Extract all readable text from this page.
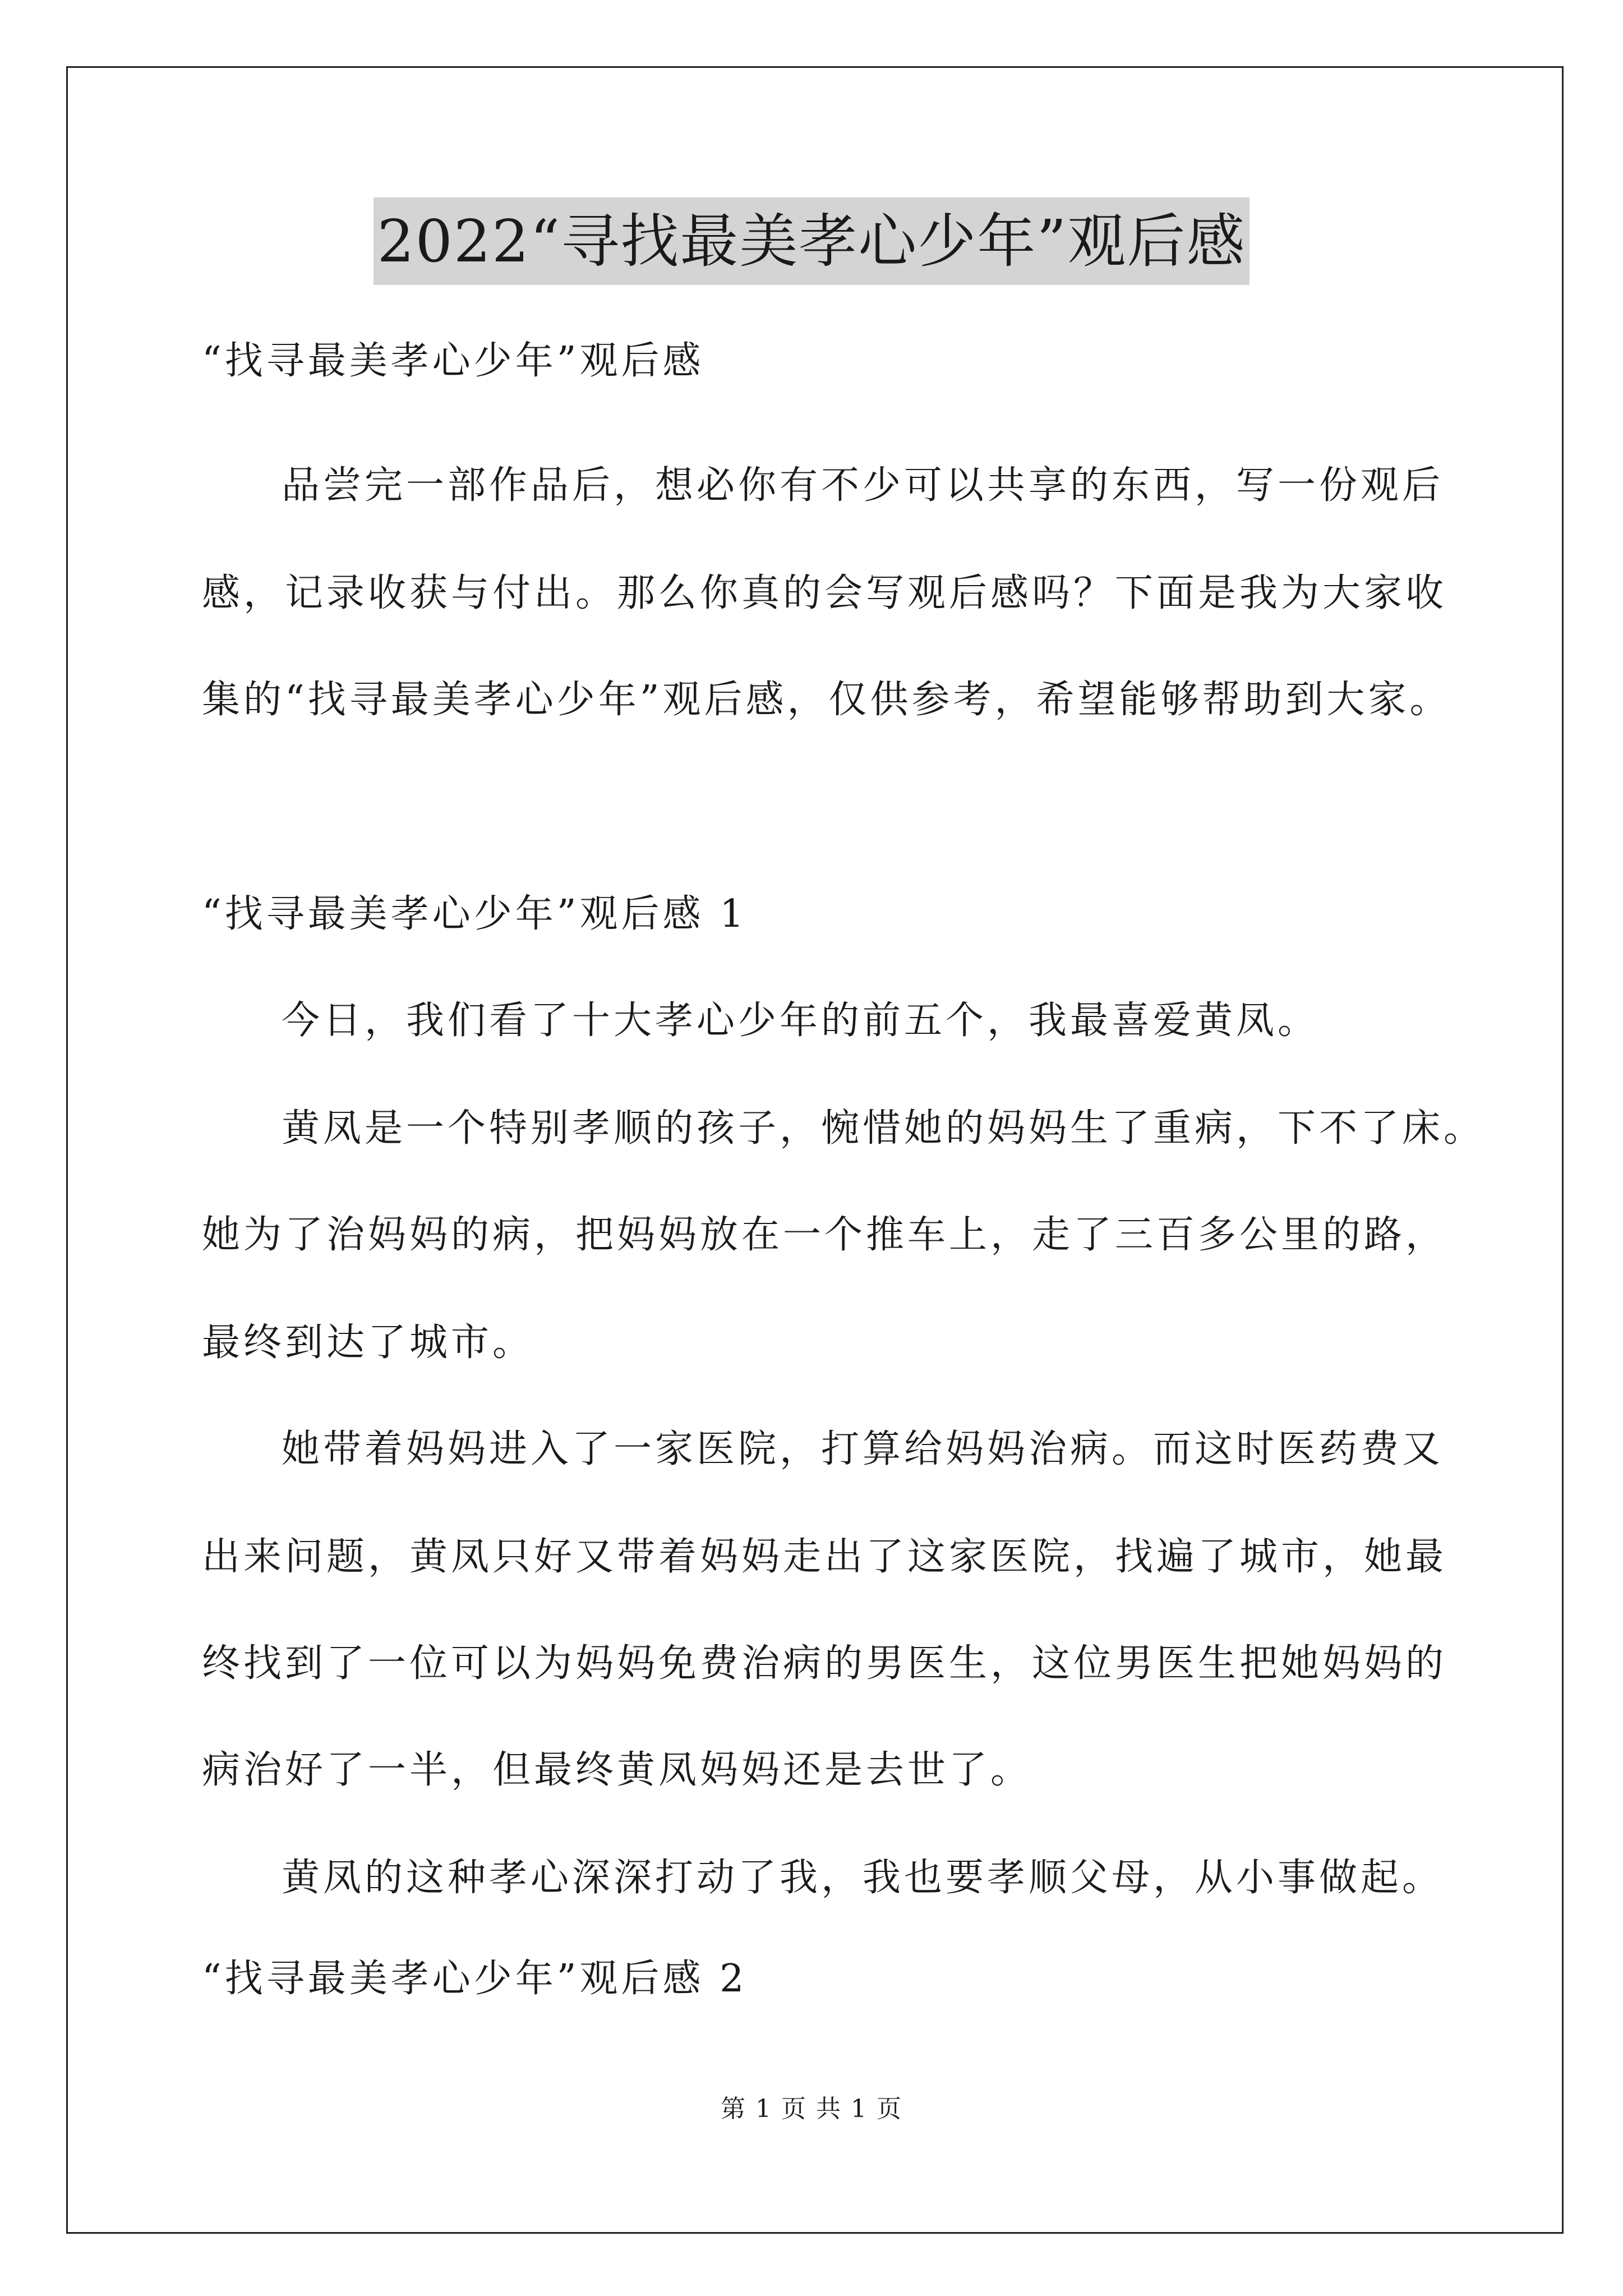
2022“寻找最美孝心少年”观后感
“找寻最美孝心少年”观后感
品尝完一部作品后，想必你有不少可以共享的东西，写一份观后
感，记录收获与付出。那么你真的会写观后感吗？下面是我为大家收
集的“找寻最美孝心少年”观后感，仅供参考，希望能够帮助到大家。
“找寻最美孝心少年”观后感 1
今日，我们看了十大孝心少年的前五个，我最喜爱黄凤。
黄凤是一个特别孝顺的孩子，惋惜她的妈妈生了重病，下不了床。
她为了治妈妈的病，把妈妈放在一个推车上，走了三百多公里的路，
最终到达了城市。
她带着妈妈进入了一家医院，打算给妈妈治病。而这时医药费又
出来问题，黄凤只好又带着妈妈走出了这家医院，找遍了城市，她最
终找到了一位可以为妈妈免费治病的男医生，这位男医生把她妈妈的
病治好了一半，但最终黄凤妈妈还是去世了。
黄凤的这种孝心深深打动了我，我也要孝顺父母，从小事做起。
“找寻最美孝心少年”观后感 2
第 1 页 共 1 页
